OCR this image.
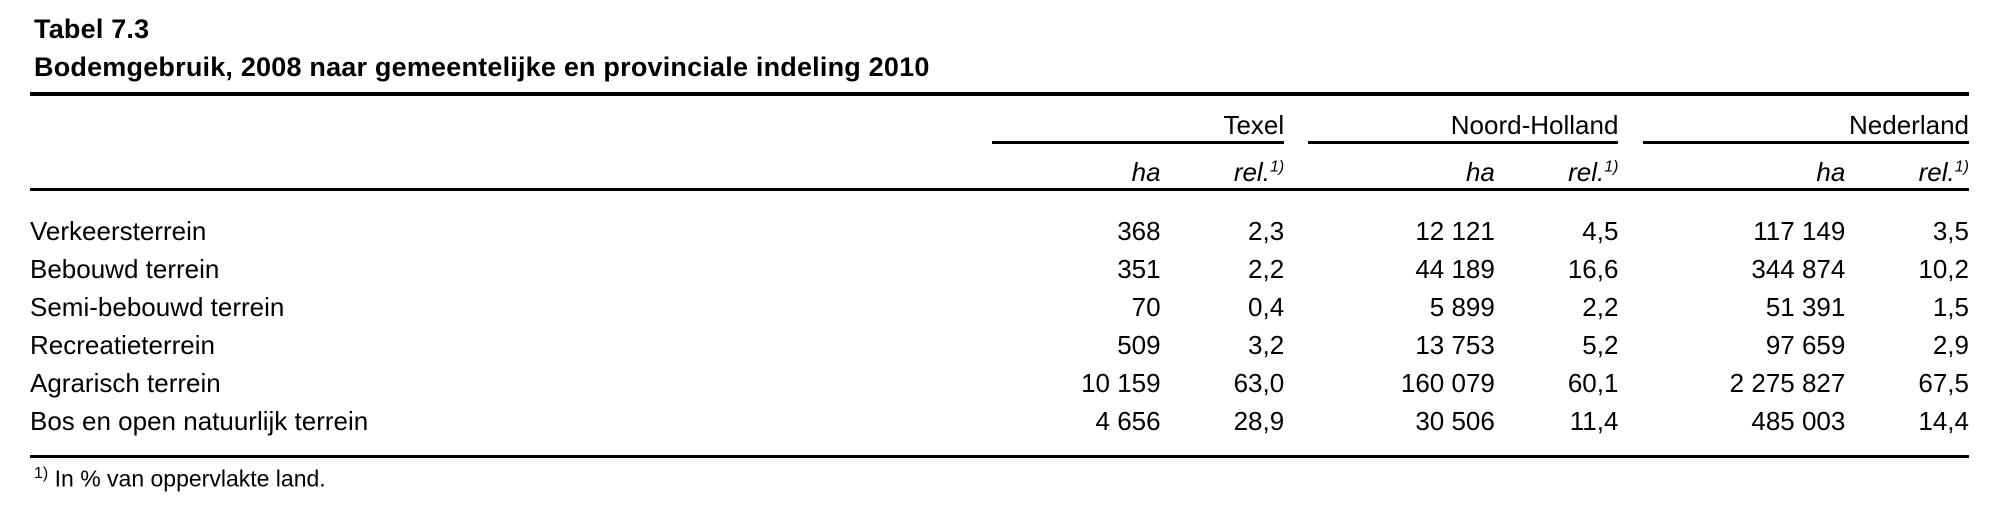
Tabel 7.3
Bodemgebruik, 2008 naar gemeentelijke en provinciale indeling 2010
	Texel			Noord-Holland			Nederland	
	ha	rel.$^{1)}$		ha	rel.$^{1)}$		ha	rel.$^{1)}$

Verkeersterrein	368	2,3		12 121	4,5		117 149	3,5
Bebouwd terrein	351	2,2		44 189	16,6		344 874	10,2
Semi-bebouwd terrein	70	0,4		5 899	2,2		51 391	1,5
Recreatieterrein	509	3,2		13 753	5,2		97 659	2,9
Agrarisch terrein	10 159	63,0		160 079	60,1		2 275 827	67,5
Bos en open natuurlijk terrein	4 656	28,9		30 506	11,4		485 003	14,4

$^{1)}$ In % van oppervlakte land.
